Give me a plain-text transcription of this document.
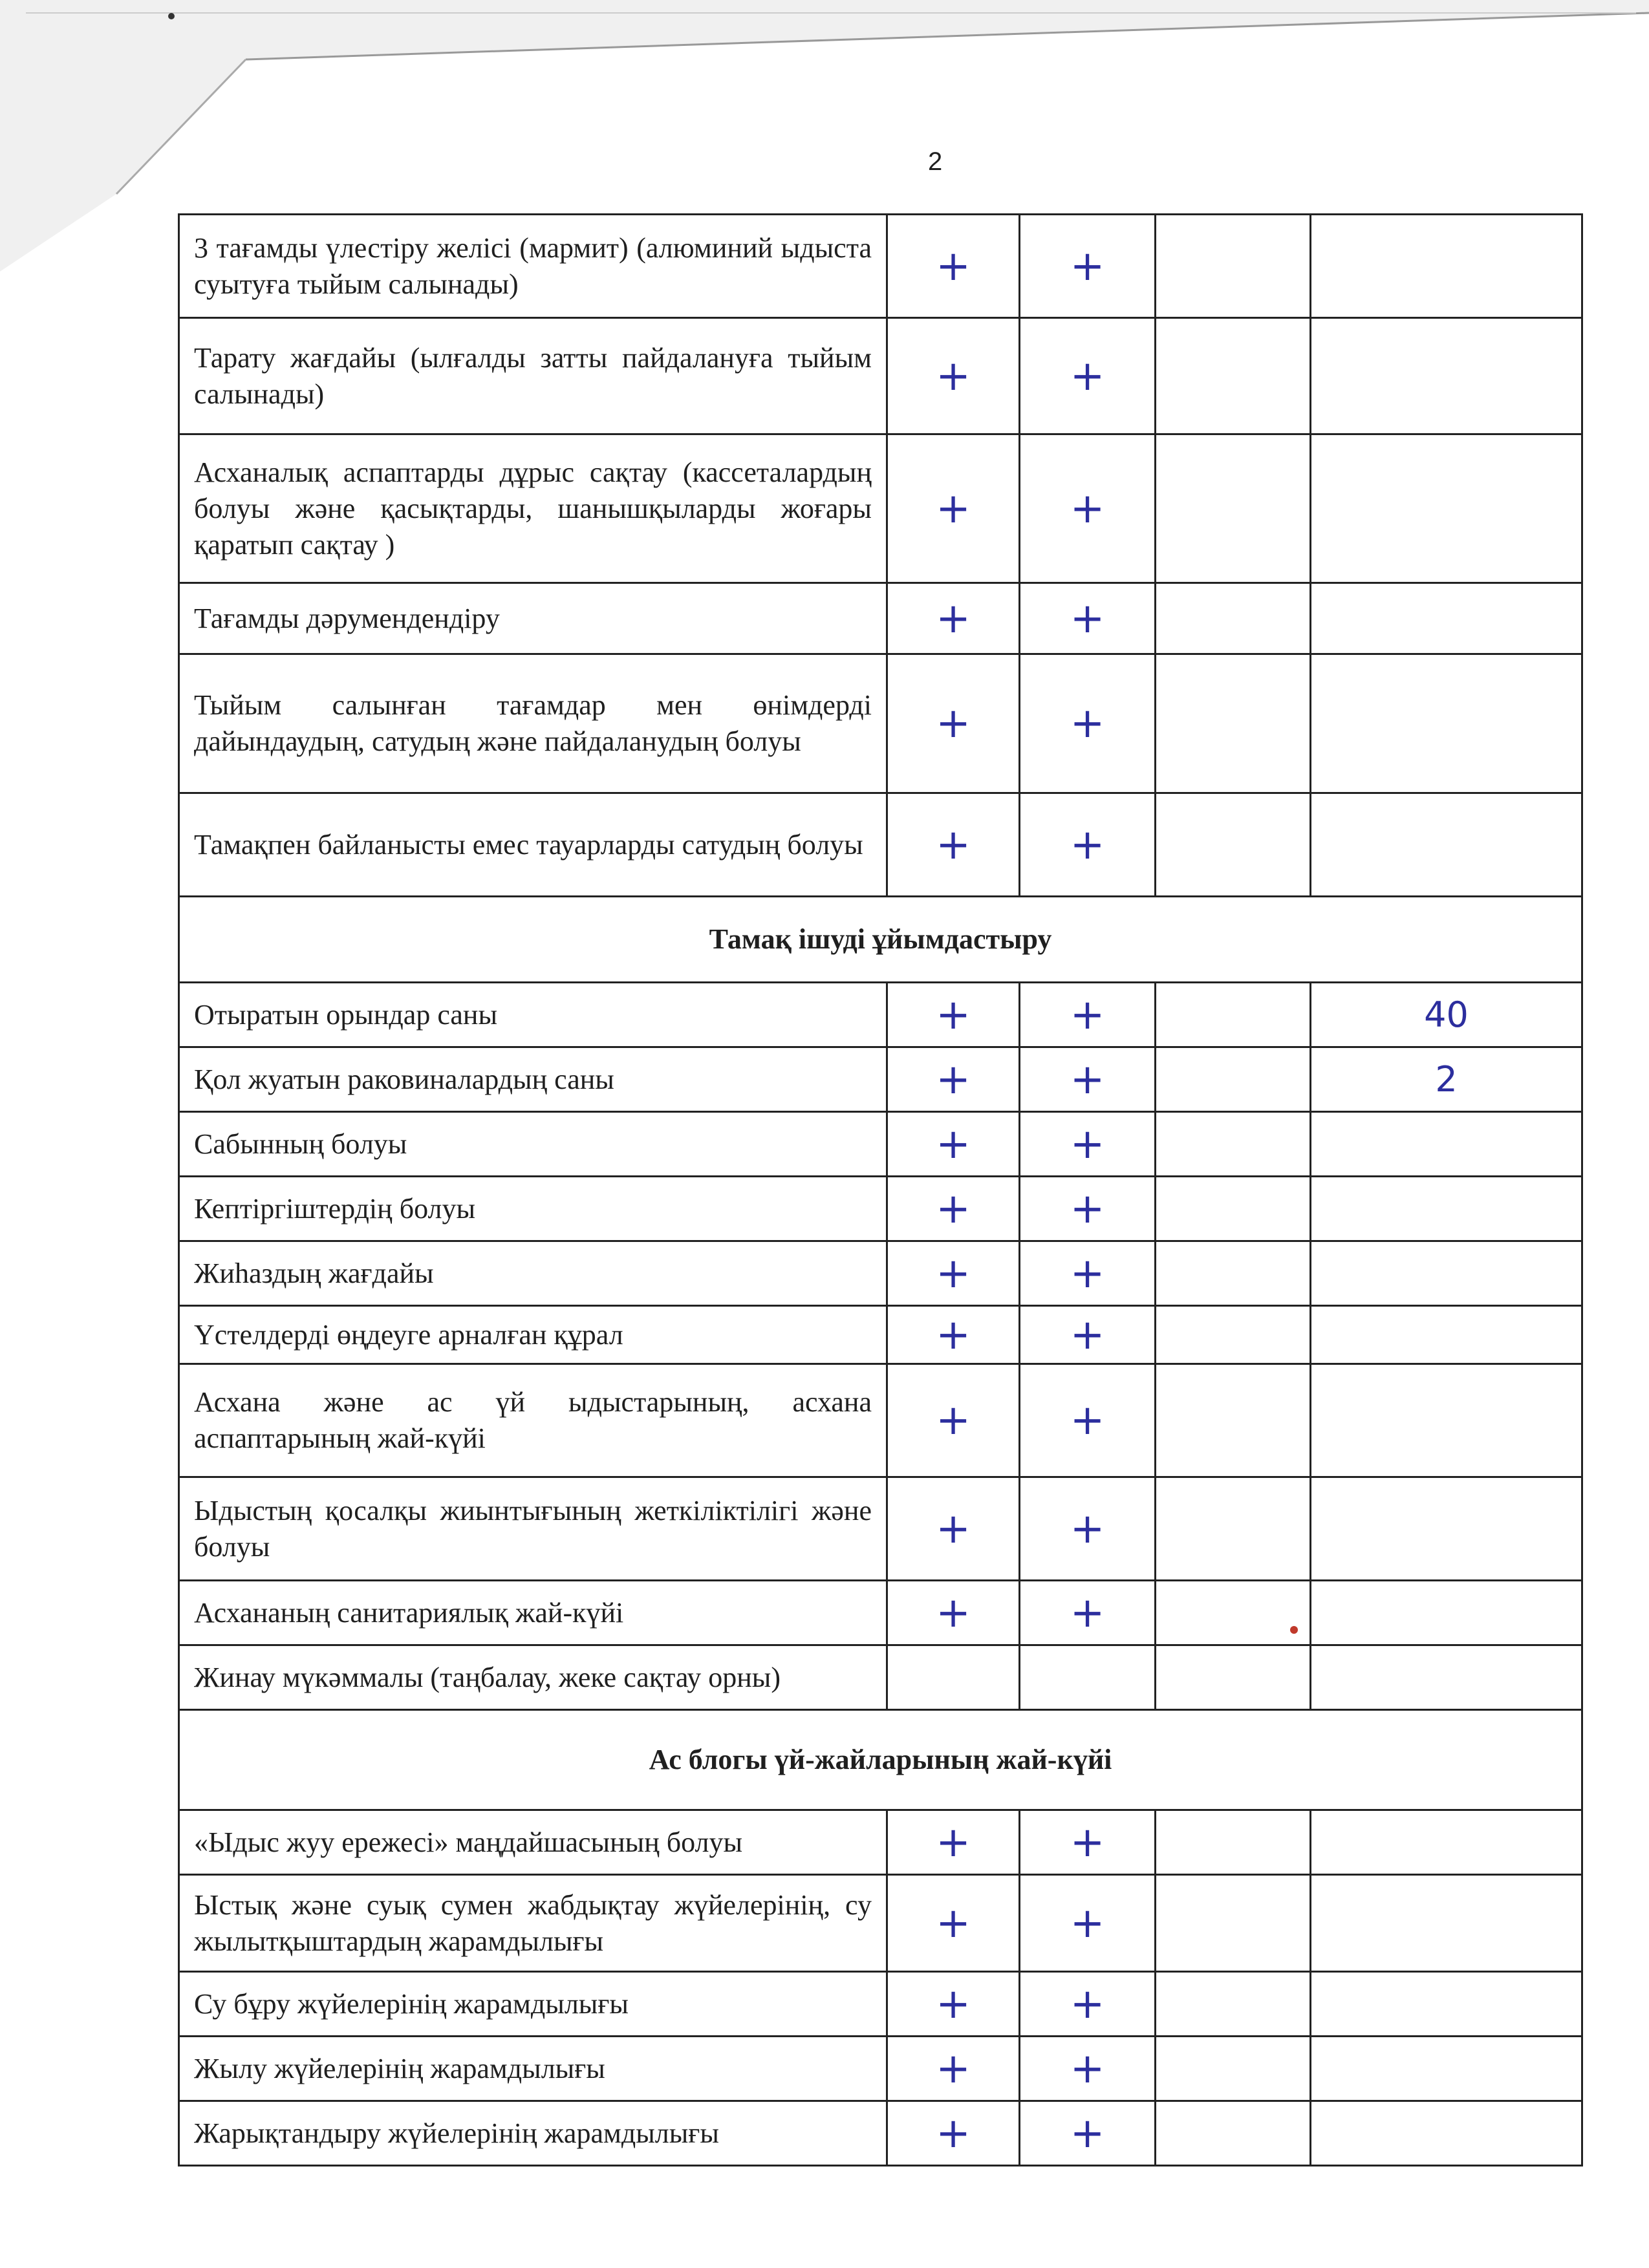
2
3 тағамды үлестіру желісі (мармит) (алюминий ыдыста суытуға тыйым салынады)	+	+		
Тарату жағдайы (ылғалды затты пайдалануға тыйым салынады)	+	+		
Асханалық аспаптарды дұрыс сақтау (кассеталардың болуы және қасықтарды, шанышқыларды жоғары қаратып сақтау )	+	+		
Тағамды дәрумендендіру	+	+		
Тыйым салынған тағамдар мен өнімдерді дайындаудың, сатудың және пайдаланудың болуы	+	+		
Тамақпен байланысты емес тауарларды сатудың болуы	+	+		
Тамақ ішуді ұйымдастыру				
Отыратын орындар саны	+	+		40
Қол жуатын раковиналардың саны	+	+		2
Сабынның болуы	+	+		
Кептіргіштердің болуы	+	+		
Жиһаздың жағдайы	+	+		
Үстелдерді өңдеуге арналған құрал	+	+		
Асхана және ас үй ыдыстарының, асхана аспаптарының жай-күйі	+	+		
Ыдыстың қосалқы жиынтығының жеткіліктілігі және болуы	+	+		
Асхананың санитариялық жай-күйі	+	+		
Жинау мүкәммалы (таңбалау, жеке сақтау орны)				
Ас блогы үй-жайларының жай-күйі				
«Ыдыс жуу ережесі» маңдайшасының болуы	+	+		
Ыстық және суық сумен жабдықтау жүйелерінің, су жылытқыштардың жарамдылығы	+	+		
Су бұру жүйелерінің жарамдылығы	+	+		
Жылу жүйелерінің жарамдылығы	+	+		
Жарықтандыру жүйелерінің жарамдылығы	+	+		
